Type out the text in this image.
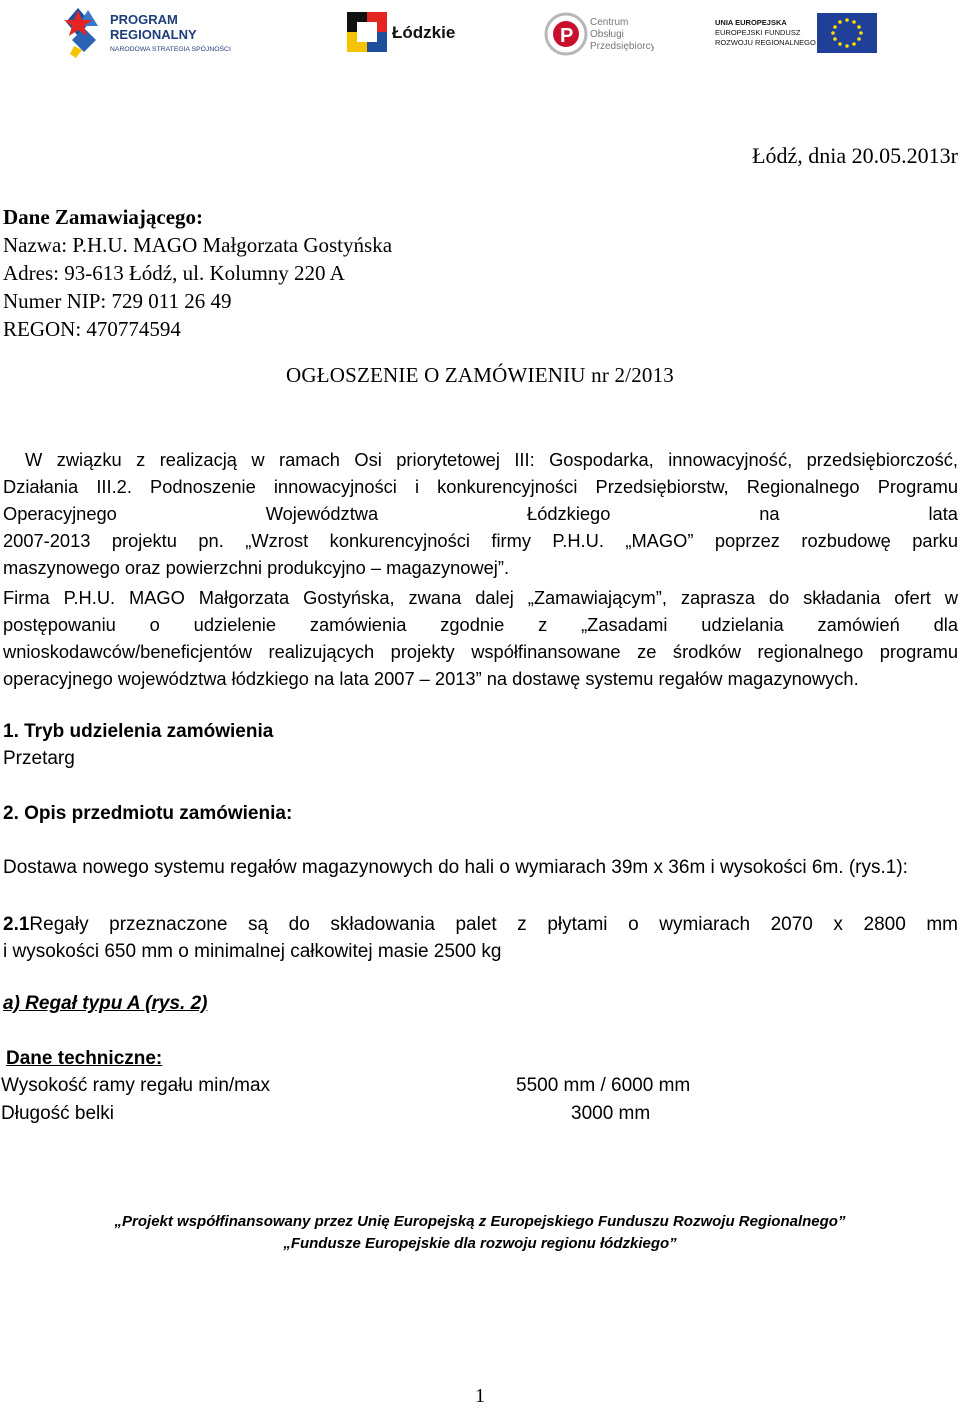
PROGRAM
REGIONALNY
NARODOWA STRATEGIA SPÓJNOŚCI
Łódzkie	P
Centrum
Obsługi
Przedsiębiorcy
UNIA EUROPEJSKA
EUROPEJSKI FUNDUSZ
ROZWOJU REGIONALNEGO
Łódź, dnia 20.05.2013r
Dane Zamawiającego:
Nazwa: P.H.U. MAGO Małgorzata Gostyńska
Adres: 93-613 Łódź, ul. Kolumny 220 A
Numer NIP: 729 011 26 49
REGON: 470774594
OGŁOSZENIE O ZAMÓWIENIU nr 2/2013
W związku z realizacją w ramach Osi priorytetowej III: Gospodarka, innowacyjność, przedsiębiorczość,
Działania III.2. Podnoszenie innowacyjności i konkurencyjności Przedsiębiorstw, Regionalnego Programu
Operacyjnego	Województwa	Łódzkiego	na	lata
2007-2013 projektu pn. „Wzrost konkurencyjności firmy P.H.U. „MAGO” poprzez rozbudowę parku
maszynowego oraz powierzchni produkcyjno – magazynowej”.
Firma P.H.U. MAGO Małgorzata Gostyńska, zwana dalej „Zamawiającym”, zaprasza do składania ofert w
postępowaniu o udzielenie zamówienia zgodnie z „Zasadami udzielania zamówień dla
wnioskodawców/beneficjentów realizujących projekty współfinansowane ze środków regionalnego programu
operacyjnego województwa łódzkiego na lata 2007 – 2013” na dostawę systemu regałów magazynowych.
1. Tryb udzielenia zamówienia
Przetarg
2. Opis przedmiotu zamówienia:
Dostawa nowego systemu regałów magazynowych do hali o wymiarach 39m x 36m i wysokości 6m. (rys.1):
2.1 Regały przeznaczone są do składowania palet z płytami o wymiarach 2070 x 2800 mm
i wysokości 650 mm o minimalnej całkowitej masie 2500 kg
a) Regał typu A (rys. 2)
Dane techniczne:
Wysokość ramy regału min/max	5500 mm / 6000 mm
Długość belki	3000 mm
„Projekt współfinansowany przez Unię Europejską z Europejskiego Funduszu Rozwoju Regionalnego”
„Fundusze Europejskie dla rozwoju regionu łódzkiego”
1
